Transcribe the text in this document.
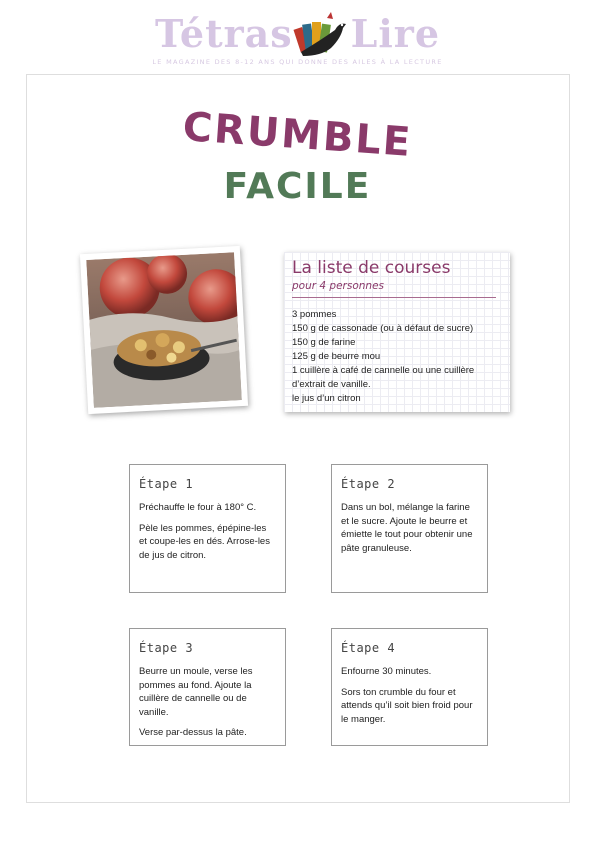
Tétras Lire
LE MAGAZINE DES 8-12 ANS QUI DONNE DES AILES À LA LECTURE
CRUMBLE
FACILE
La liste de courses
pour 4 personnes
3 pommes
150 g de cassonade (ou à défaut de sucre)
150 g de farine
125 g de beurre mou
1 cuillère à café de cannelle ou une cuillère d’extrait de vanille.
le jus d’un citron
Étape 1

Préchauffe le four à 180° C.

Pèle les pommes, épépine-les et coupe-les en dés. Arrose-les de jus de citron.

Étape 2

Dans un bol, mélange la farine et le sucre. Ajoute le beurre et émiette le tout pour obtenir une pâte granuleuse.

Étape 3

Beurre un moule, verse les pommes au fond. Ajoute la cuillère de cannelle ou de vanille.

Verse par-dessus la pâte.

Étape 4

Enfourne 30 minutes.

Sors ton crumble du four et attends qu’il soit bien froid pour le manger.
